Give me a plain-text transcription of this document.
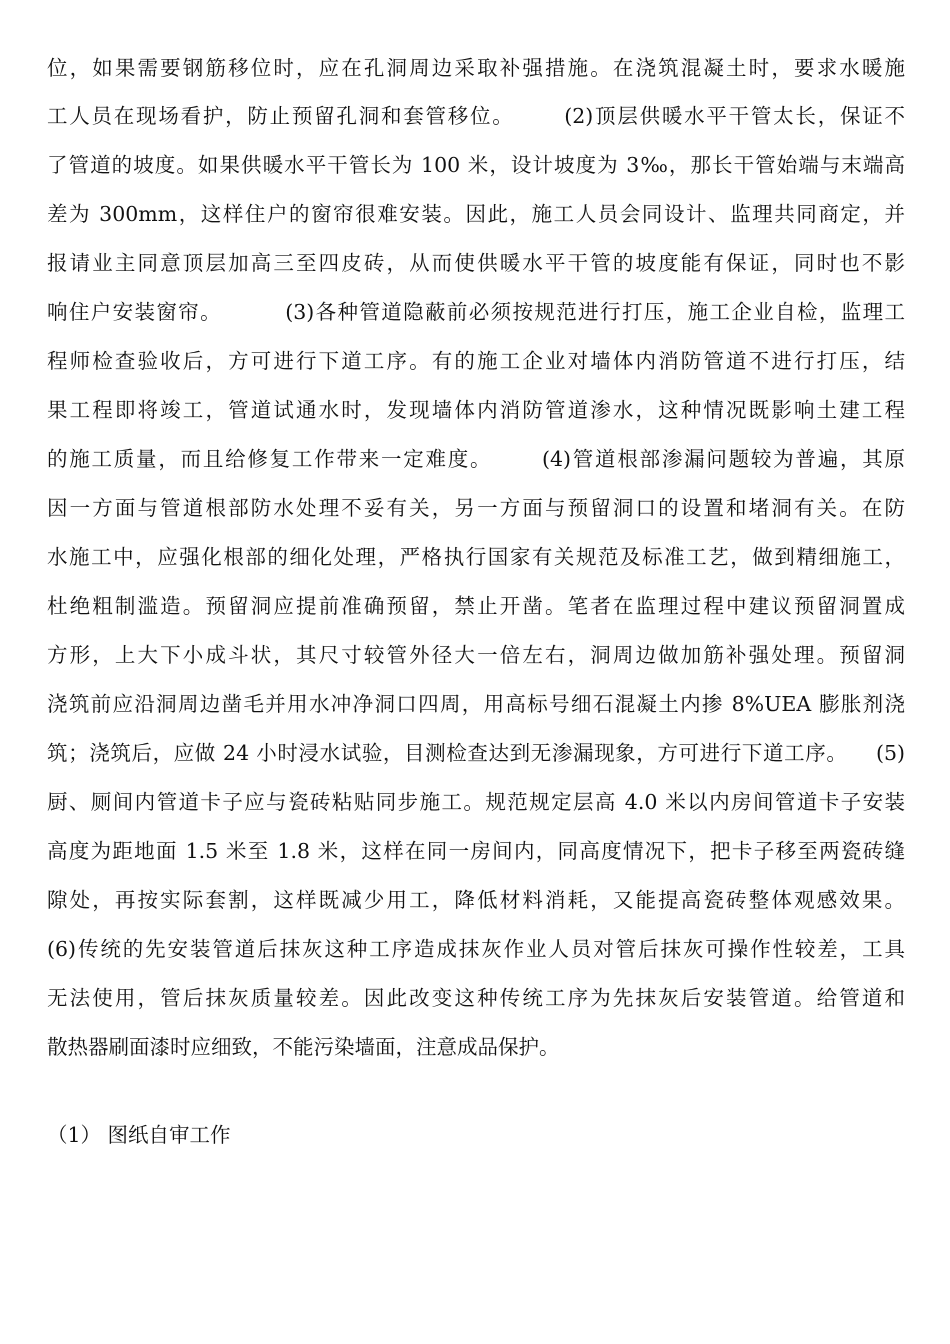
位，如果需要钢筋移位时，应在孔洞周边采取补强措施。在浇筑混凝土时，要求水暖施
工人员在现场看护，防止预留孔洞和套管移位。      (2)顶层供暖水平干管太长，保证不
了管道的坡度。如果供暖水平干管长为 100 米，设计坡度为 3‰，那长干管始端与末端高
差为 300mm，这样住户的窗帘很难安装。因此，施工人员会同设计、监理共同商定，并
报请业主同意顶层加高三至四皮砖，从而使供暖水平干管的坡度能有保证，同时也不影
响住户安装窗帘。        (3)各种管道隐蔽前必须按规范进行打压，施工企业自检，监理工
程师检查验收后，方可进行下道工序。有的施工企业对墙体内消防管道不进行打压，结
果工程即将竣工，管道试通水时，发现墙体内消防管道渗水，这种情况既影响土建工程
的施工质量，而且给修复工作带来一定难度。      (4)管道根部渗漏问题较为普遍，其原
因一方面与管道根部防水处理不妥有关，另一方面与预留洞口的设置和堵洞有关。在防
水施工中，应强化根部的细化处理，严格执行国家有关规范及标准工艺，做到精细施工，
杜绝粗制滥造。预留洞应提前准确预留，禁止开凿。笔者在监理过程中建议预留洞置成
方形，上大下小成斗状，其尺寸较管外径大一倍左右，洞周边做加筋补强处理。预留洞
浇筑前应沿洞周边凿毛并用水冲净洞口四周，用高标号细石混凝土内掺 8%UEA 膨胀剂浇
筑；浇筑后，应做 24 小时浸水试验，目测检查达到无渗漏现象，方可进行下道工序。    (5)
厨、厕间内管道卡子应与瓷砖粘贴同步施工。规范规定层高 4.0 米以内房间管道卡子安装
高度为距地面 1.5 米至 1.8 米，这样在同一房间内，同高度情况下，把卡子移至两瓷砖缝
隙处，再按实际套割，这样既减少用工，降低材料消耗，又能提高瓷砖整体观感效果。
(6)传统的先安装管道后抹灰这种工序造成抹灰作业人员对管后抹灰可操作性较差，工具
无法使用，管后抹灰质量较差。因此改变这种传统工序为先抹灰后安装管道。给管道和
散热器刷面漆时应细致，不能污染墙面，注意成品保护。
（1） 图纸自审工作
